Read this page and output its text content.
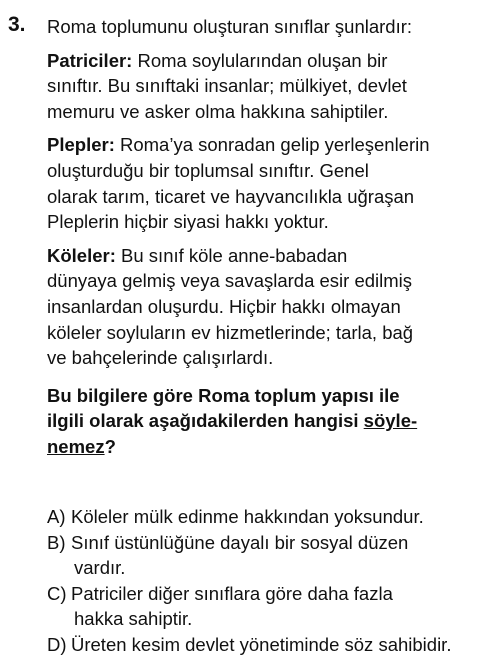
3. Roma toplumunu oluşturan sınıflar şunlardır:
Patriciler: Roma soylularından oluşan bir
sınıftır. Bu sınıftaki insanlar; mülkiyet, devlet
memuru ve asker olma hakkına sahiptiler.
Plepler: Roma’ya sonradan gelip yerleşenlerin
oluşturduğu bir toplumsal sınıftır. Genel
olarak tarım, ticaret ve hayvancılıkla uğraşan
Pleplerin hiçbir siyasi hakkı yoktur.
Köleler: Bu sınıf köle anne-babadan
dünyaya gelmiş veya savaşlarda esir edilmiş
insanlardan oluşurdu. Hiçbir hakkı olmayan
köleler soyluların ev hizmetlerinde; tarla, bağ
ve bahçelerinde çalışırlardı.
Bu bilgilere göre Roma toplum yapısı ile
ilgili olarak aşağıdakilerden hangisi söyle-
nemez?
A) Köleler mülk edinme hakkından yoksundur.
B) Sınıf üstünlüğüne dayalı bir sosyal düzen
vardır.
C) Patriciler diğer sınıflara göre daha fazla
hakka sahiptir.
D) Üreten kesim devlet yönetiminde söz sahibidir.
